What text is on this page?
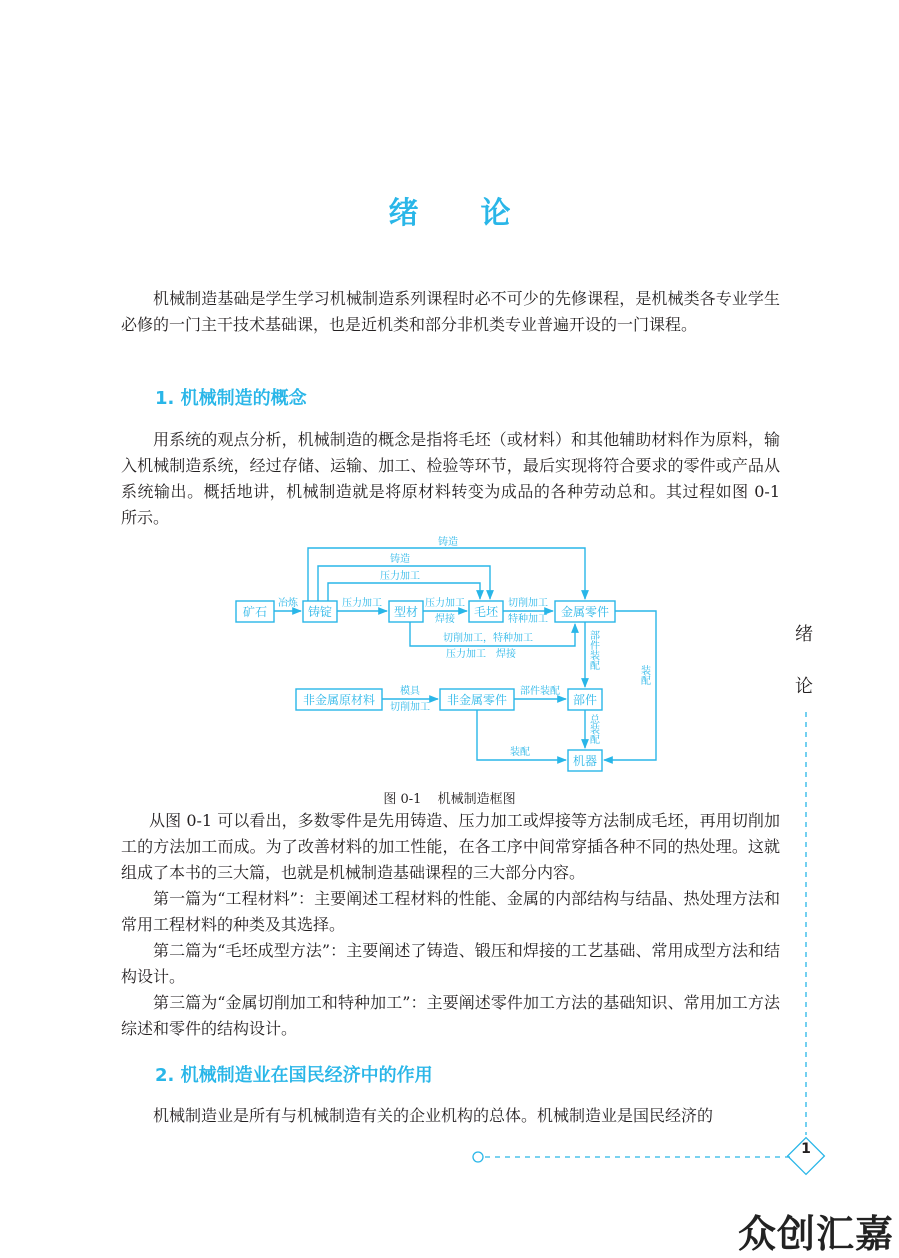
绪论

机械制造基础是学生学习机械制造系列课程时必不可少的先修课程，是机械类各专业学生必修的一门主干技术基础课，也是近机类和部分非机类专业普遍开设的一门课程。

1. 机械制造的概念

用系统的观点分析，机械制造的概念是指将毛坯（或材料）和其他辅助材料作为原料，输入机械制造系统，经过存储、运输、加工、检验等环节，最后实现将符合要求的零件或产品从系统输出。概括地讲，机械制造就是将原材料转变为成品的各种劳动总和。其过程如图 0-1 所示。

矿石	铸锭	型材	毛坯	金属零件
非金属原材料	非金属零件	部件
机器
铸造
铸造
压力加工
冶炼	压力加工	压力加工
焊接
切削加工
特种加工
切削加工，特种加工
压力加工　焊接
模具
切削加工
部件装配
装配
部件装配
装配
总装配
图 0-1 机械制造框图

从图 0-1 可以看出，多数零件是先用铸造、压力加工或焊接等方法制成毛坯，再用切削加工的方法加工而成。为了改善材料的加工性能，在各工序中间常穿插各种不同的热处理。这就组成了本书的三大篇，也就是机械制造基础课程的三大部分内容。

第一篇为“工程材料”：主要阐述工程材料的性能、金属的内部结构与结晶、热处理方法和常用工程材料的种类及其选择。

第二篇为“毛坯成型方法”：主要阐述了铸造、锻压和焊接的工艺基础、常用成型方法和结构设计。

第三篇为“金属切削加工和特种加工”：主要阐述零件加工方法的基础知识、常用加工方法综述和零件的结构设计。

2. 机械制造业在国民经济中的作用

机械制造业是所有与机械制造有关的企业机构的总体。机械制造业是国民经济的

绪
论
1
众创汇嘉
